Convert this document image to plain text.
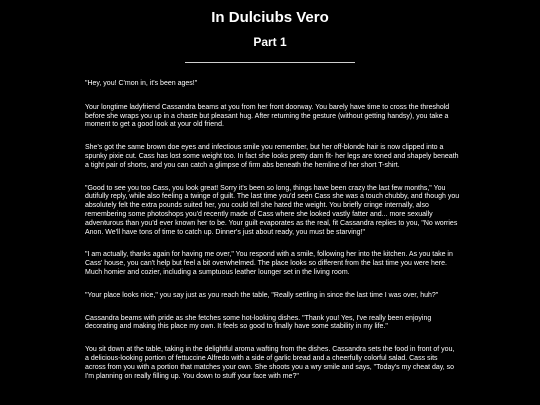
In Dulciubs Vero
Part 1

"Hey, you! C'mon in, it's been ages!"

Your longtime ladyfriend Cassandra beams at you from her front doorway. You barely have time to cross the threshold before she wraps you up in a chaste but pleasant hug. After returning the gesture (without getting handsy), you take a moment to get a good look at your old friend.

She's got the same brown doe eyes and infectious smile you remember, but her off-blonde hair is now clipped into a spunky pixie cut. Cass has lost some weight too. In fact she looks pretty darn fit- her legs are toned and shapely beneath a tight pair of shorts, and you can catch a glimpse of firm abs beneath the hemline of her short T-shirt.

"Good to see you too Cass, you look great! Sorry it's been so long, things have been crazy the last few months," You dutifully reply, while also feeling a twinge of guilt. The last time you'd seen Cass she was a touch chubby, and though you absolutely felt the extra pounds suited her, you could tell she hated the weight. You briefly cringe internally, also remembering some photoshops you'd recently made of Cass where she looked vastly fatter and... more sexually adventurous than you'd ever known her to be. Your guilt evaporates as the real, fit Cassandra replies to you, "No worries Anon. We'll have tons of time to catch up. Dinner's just about ready, you must be starving!"

"I am actually, thanks again for having me over," You respond with a smile, following her into the kitchen. As you take in Cass' house, you can't help but feel a bit overwhelmed. The place looks so different from the last time you were here. Much homier and cozier, including a sumptuous leather lounger set in the living room.

"Your place looks nice," you say just as you reach the table, "Really settling in since the last time I was over, huh?"

Cassandra beams with pride as she fetches some hot-looking dishes. "Thank you! Yes, I've really been enjoying decorating and making this place my own. It feels so good to finally have some stability in my life."

You sit down at the table, taking in the delightful aroma wafting from the dishes. Cassandra sets the food in front of you, a delicious-looking portion of fettuccine Alfredo with a side of garlic bread and a cheerfully colorful salad. Cass sits across from you with a portion that matches your own. She shoots you a wry smile and says, "Today's my cheat day, so I'm planning on really filling up. You down to stuff your face with me?"
